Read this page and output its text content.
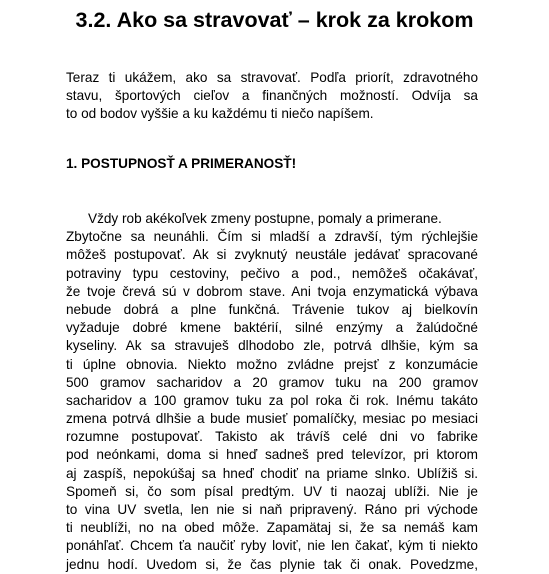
3.2. Ako sa stravovať – krok za krokom
Teraz ti ukážem, ako sa stravovať. Podľa priorít, zdravotného
stavu, športových cieľov a finančných možností. Odvíja sa
to od bodov vyššie a ku každému ti niečo napíšem.
1. POSTUPNOSŤ A PRIMERANOSŤ!
Vždy rob akékoľvek zmeny postupne, pomaly a primerane.
Zbytočne sa neunáhli. Čím si mladší a zdravší, tým rýchlejšie
môžeš postupovať. Ak si zvyknutý neustále jedávať spracované
potraviny typu cestoviny, pečivo a pod., nemôžeš očakávať,
že tvoje črevá sú v dobrom stave. Ani tvoja enzymatická výbava
nebude dobrá a plne funkčná. Trávenie tukov aj bielkovín
vyžaduje dobré kmene baktérií, silné enzýmy a žalúdočné
kyseliny. Ak sa stravuješ dlhodobo zle, potrvá dlhšie, kým sa
ti úplne obnovia. Niekto možno zvládne prejsť z konzumácie
500 gramov sacharidov a 20 gramov tuku na 200 gramov
sacharidov a 100 gramov tuku za pol roka či rok. Inému takáto
zmena potrvá dlhšie a bude musieť pomalíčky, mesiac po mesiaci
rozumne postupovať. Takisto ak trávíš celé dni vo fabrike
pod neónkami, doma si hneď sadneš pred televízor, pri ktorom
aj zaspíš, nepokúšaj sa hneď chodiť na priame slnko. Ublížiš si.
Spomeň si, čo som písal predtým. UV ti naozaj ublíži. Nie je
to vina UV svetla, len nie si naň pripravený. Ráno pri východe
ti neublíži, no na obed môže. Zapamätaj si, že sa nemáš kam
ponáhľať. Chcem ťa naučiť ryby loviť, nie len čakať, kým ti niekto
jednu hodí. Uvedom si, že čas plynie tak či onak. Povedzme,
